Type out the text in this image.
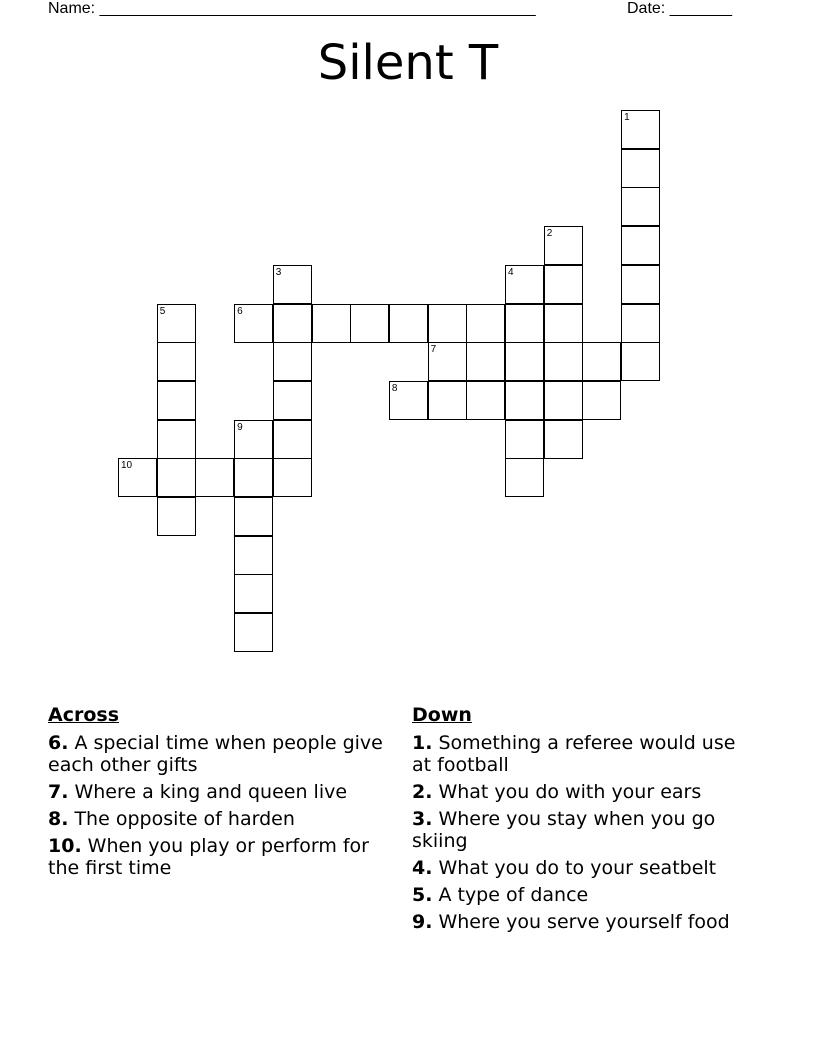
Name: _________________________________________________	Date: _______
Silent T
1
2
3	4
5	6
7
8
9
10
Across
6. A special time when people give each other gifts
7. Where a king and queen live
8. The opposite of harden
10. When you play or perform for the first time
Down
1. Something a referee would use at football
2. What you do with your ears
3. Where you stay when you go skiing
4. What you do to your seatbelt
5. A type of dance
9. Where you serve yourself food
